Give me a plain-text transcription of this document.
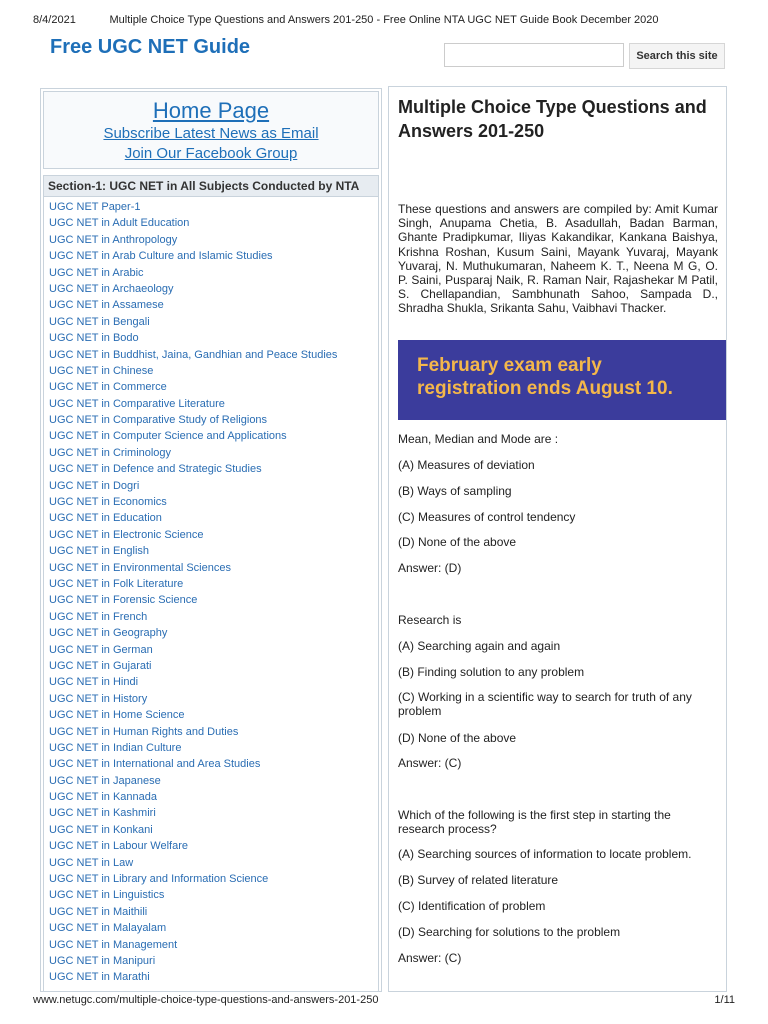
8/4/2021	Multiple Choice Type Questions and Answers 201-250 - Free Online NTA UGC NET Guide Book December 2020
Free UGC NET Guide	Search this site
Home Page
Subscribe Latest News as Email
Join Our Facebook Group
Section-1: UGC NET in All Subjects Conducted by NTA
UGC NET Paper-1
UGC NET in Adult Education
UGC NET in Anthropology
UGC NET in Arab Culture and Islamic Studies
UGC NET in Arabic
UGC NET in Archaeology
UGC NET in Assamese
UGC NET in Bengali
UGC NET in Bodo
UGC NET in Buddhist, Jaina, Gandhian and Peace Studies
UGC NET in Chinese
UGC NET in Commerce
UGC NET in Comparative Literature
UGC NET in Comparative Study of Religions
UGC NET in Computer Science and Applications
UGC NET in Criminology
UGC NET in Defence and Strategic Studies
UGC NET in Dogri
UGC NET in Economics
UGC NET in Education
UGC NET in Electronic Science
UGC NET in English
UGC NET in Environmental Sciences
UGC NET in Folk Literature
UGC NET in Forensic Science
UGC NET in French
UGC NET in Geography
UGC NET in German
UGC NET in Gujarati
UGC NET in Hindi
UGC NET in History
UGC NET in Home Science
UGC NET in Human Rights and Duties
UGC NET in Indian Culture
UGC NET in International and Area Studies
UGC NET in Japanese
UGC NET in Kannada
UGC NET in Kashmiri
UGC NET in Konkani
UGC NET in Labour Welfare
UGC NET in Law
UGC NET in Library and Information Science
UGC NET in Linguistics
UGC NET in Maithili
UGC NET in Malayalam
UGC NET in Management
UGC NET in Manipuri
UGC NET in Marathi
Multiple Choice Type Questions and Answers 201-250

These questions and answers are compiled by: Amit Kumar Singh, Anupama Chetia, B. Asadullah, Badan Barman, Ghante Pradipkumar, Iliyas Kakandikar, Kankana Baishya, Krishna Roshan, Kusum Saini, Mayank Yuvaraj, Mayank Yuvaraj, N. Muthukumaran, Naheem K. T., Neena M G, O. P. Saini, Pusparaj Naik, R. Raman Nair, Rajashekar M Patil, S. Chellapandian, Sambhunath Sahoo, Sampada D., Shradha Shukla, Srikanta Sahu, Vaibhavi Thacker.

February exam early
registration ends August 10.

Mean, Median and Mode are :

(A) Measures of deviation

(B) Ways of sampling

(C) Measures of control tendency

(D) None of the above

Answer: (D)

Research is

(A) Searching again and again

(B) Finding solution to any problem

(C) Working in a scientific way to search for truth of any problem

(D) None of the above

Answer: (C)

Which of the following is the first step in starting the research process?

(A) Searching sources of information to locate problem.

(B) Survey of related literature

(C) Identification of problem

(D) Searching for solutions to the problem

Answer: (C)

www.netugc.com/multiple-choice-type-questions-and-answers-201-250	1/11
